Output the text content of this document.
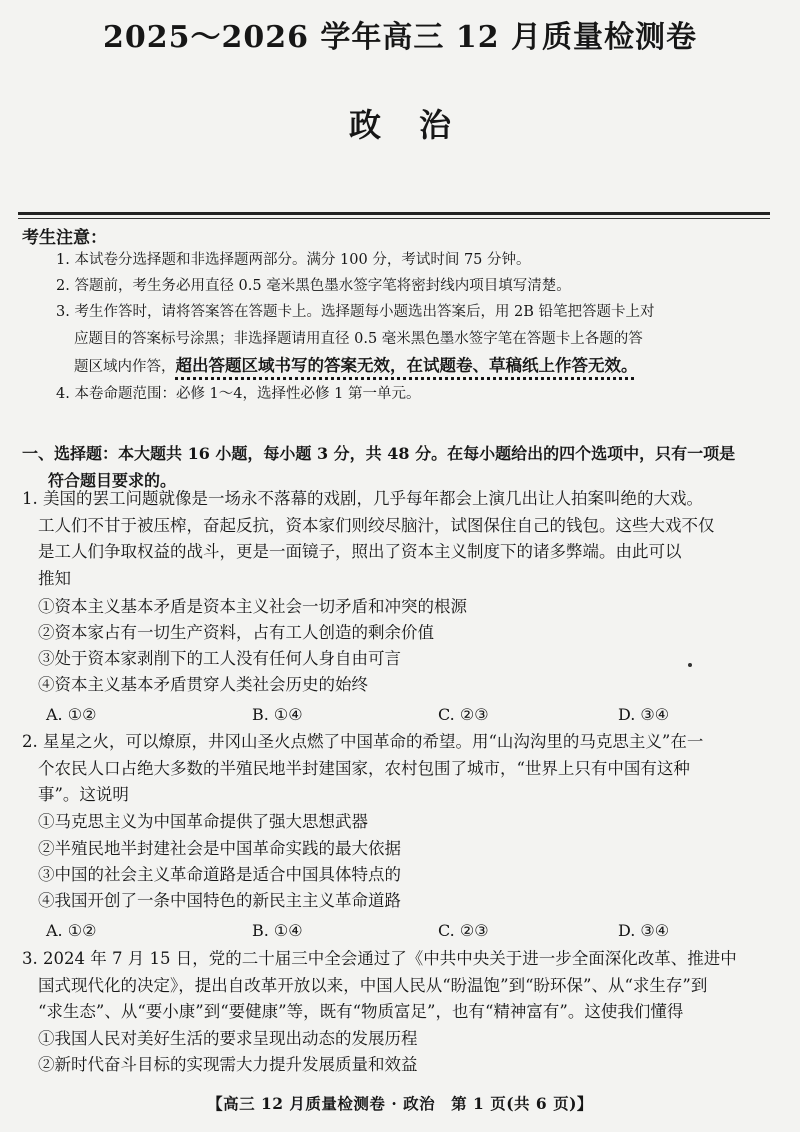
2025～2026 学年高三 12 月质量检测卷
政治
考生注意：
1. 本试卷分选择题和非选择题两部分。满分 100 分，考试时间 75 分钟。
2. 答题前，考生务必用直径 0.5 毫米黑色墨水签字笔将密封线内项目填写清楚。
3. 考生作答时，请将答案答在答题卡上。选择题每小题选出答案后，用 2B 铅笔把答题卡上对
应题目的答案标号涂黑；非选择题请用直径 0.5 毫米黑色墨水签字笔在答题卡上各题的答
题区域内作答，超出答题区域书写的答案无效，在试题卷、草稿纸上作答无效。
4. 本卷命题范围：必修 1～4，选择性必修 1 第一单元。
一、选择题：本大题共 16 小题，每小题 3 分，共 48 分。在每小题给出的四个选项中，只有一项是
符合题目要求的。
1. 美国的罢工问题就像是一场永不落幕的戏剧，几乎每年都会上演几出让人拍案叫绝的大戏。
工人们不甘于被压榨，奋起反抗，资本家们则绞尽脑汁，试图保住自己的钱包。这些大戏不仅
是工人们争取权益的战斗，更是一面镜子，照出了资本主义制度下的诸多弊端。由此可以
推知
①资本主义基本矛盾是资本主义社会一切矛盾和冲突的根源
②资本家占有一切生产资料，占有工人创造的剩余价值
③处于资本家剥削下的工人没有任何人身自由可言
④资本主义基本矛盾贯穿人类社会历史的始终
A. ①②	B. ①④	C. ②③	D. ③④
2. 星星之火，可以燎原，井冈山圣火点燃了中国革命的希望。用“山沟沟里的马克思主义”在一
个农民人口占绝大多数的半殖民地半封建国家，农村包围了城市，“世界上只有中国有这种
事”。这说明
①马克思主义为中国革命提供了强大思想武器
②半殖民地半封建社会是中国革命实践的最大依据
③中国的社会主义革命道路是适合中国具体特点的
④我国开创了一条中国特色的新民主主义革命道路
A. ①②	B. ①④	C. ②③	D. ③④
3. 2024 年 7 月 15 日，党的二十届三中全会通过了《中共中央关于进一步全面深化改革、推进中
国式现代化的决定》，提出自改革开放以来，中国人民从“盼温饱”到“盼环保”、从“求生存”到
“求生态”、从“要小康”到“要健康”等，既有“物质富足”，也有“精神富有”。这使我们懂得
①我国人民对美好生活的要求呈现出动态的发展历程
②新时代奋斗目标的实现需大力提升发展质量和效益
【高三 12 月质量检测卷 · 政治　第 1 页(共 6 页)】
